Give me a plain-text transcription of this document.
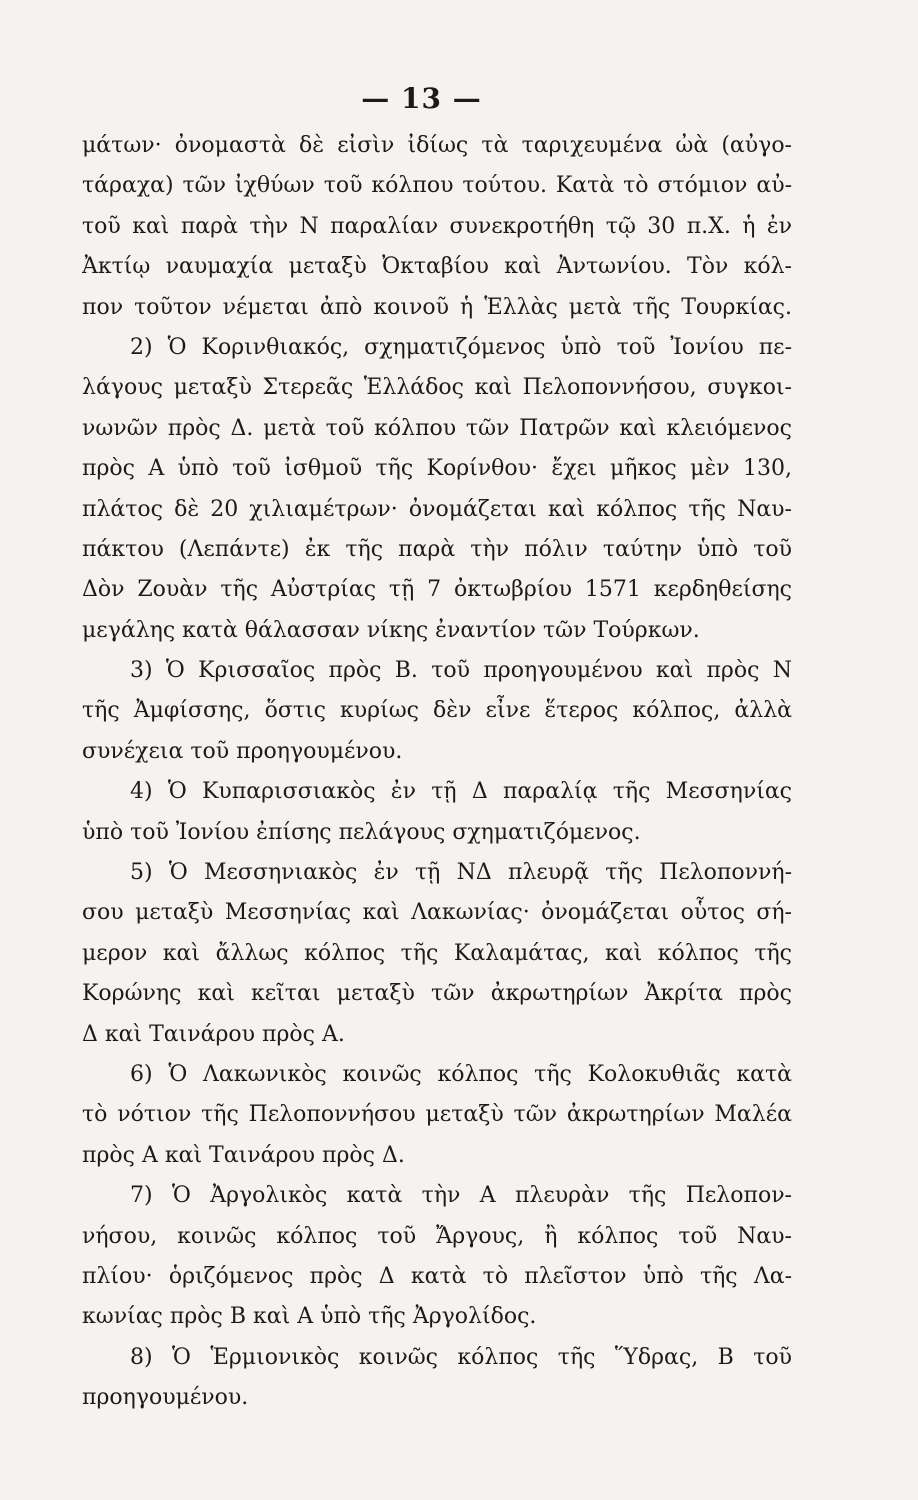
— 13 —
μάτων· ὀνομαστὰ δὲ εἰσὶν ἰδίως τὰ ταριχευμένα ὠὰ (αὐγο-
τάραχα) τῶν ἰχθύων τοῦ κόλπου τούτου. Κατὰ τὸ στόμιον αὐ-
τοῦ καὶ παρὰ τὴν Ν παραλίαν συνεκροτήθη τῷ 30 π.Χ. ἡ ἐν
Ἀκτίῳ ναυμαχία μεταξὺ Ὀκταβίου καὶ Ἀντωνίου. Τὸν κόλ-
πον τοῦτον νέμεται ἀπὸ κοινοῦ ἡ Ἑλλὰς μετὰ τῆς Τουρκίας.
2) Ὁ Κορινθιακός, σχηματιζόμενος ὑπὸ τοῦ Ἰονίου πε-
λάγους μεταξὺ Στερεᾶς Ἑλλάδος καὶ Πελοποννήσου, συγκοι-
νωνῶν πρὸς Δ. μετὰ τοῦ κόλπου τῶν Πατρῶν καὶ κλειόμενος
πρὸς Α ὑπὸ τοῦ ἰσθμοῦ τῆς Κορίνθου· ἔχει μῆκος μὲν 130,
πλάτος δὲ 20 χιλιαμέτρων· ὀνομάζεται καὶ κόλπος τῆς Ναυ-
πάκτου (Λεπάντε) ἐκ τῆς παρὰ τὴν πόλιν ταύτην ὑπὸ τοῦ
Δὸν Ζουὰν τῆς Αὐστρίας τῇ 7 ὀκτωβρίου 1571 κερδηθείσης
μεγάλης κατὰ θάλασσαν νίκης ἐναντίον τῶν Τούρκων.
3) Ὁ Κρισσαῖος πρὸς Β. τοῦ προηγουμένου καὶ πρὸς Ν
τῆς Ἀμφίσσης, ὅστις κυρίως δὲν εἶνε ἕτερος κόλπος, ἀλλὰ
συνέχεια τοῦ προηγουμένου.
4) Ὁ Κυπαρισσιακὸς ἐν τῇ Δ παραλίᾳ τῆς Μεσσηνίας
ὑπὸ τοῦ Ἰονίου ἐπίσης πελάγους σχηματιζόμενος.
5) Ὁ Μεσσηνιακὸς ἐν τῇ ΝΔ πλευρᾷ τῆς Πελοποννή-
σου μεταξὺ Μεσσηνίας καὶ Λακωνίας· ὀνομάζεται οὗτος σή-
μερον καὶ ἄλλως κόλπος τῆς Καλαμάτας, καὶ κόλπος τῆς
Κορώνης καὶ κεῖται μεταξὺ τῶν ἀκρωτηρίων Ἀκρίτα πρὸς
Δ καὶ Ταινάρου πρὸς Α.
6) Ὁ Λακωνικὸς κοινῶς κόλπος τῆς Κολοκυθιᾶς κατὰ
τὸ νότιον τῆς Πελοποννήσου μεταξὺ τῶν ἀκρωτηρίων Μαλέα
πρὸς Α καὶ Ταινάρου πρὸς Δ.
7) Ὁ Ἀργολικὸς κατὰ τὴν Α πλευρὰν τῆς Πελοπον-
νήσου, κοινῶς κόλπος τοῦ Ἄργους, ἢ κόλπος τοῦ Ναυ-
πλίου· ὁριζόμενος πρὸς Δ κατὰ τὸ πλεῖστον ὑπὸ τῆς Λα-
κωνίας πρὸς Β καὶ Α ὑπὸ τῆς Ἀργολίδος.
8) Ὁ Ἑρμιονικὸς κοινῶς κόλπος τῆς Ὕδρας, Β τοῦ
προηγουμένου.
